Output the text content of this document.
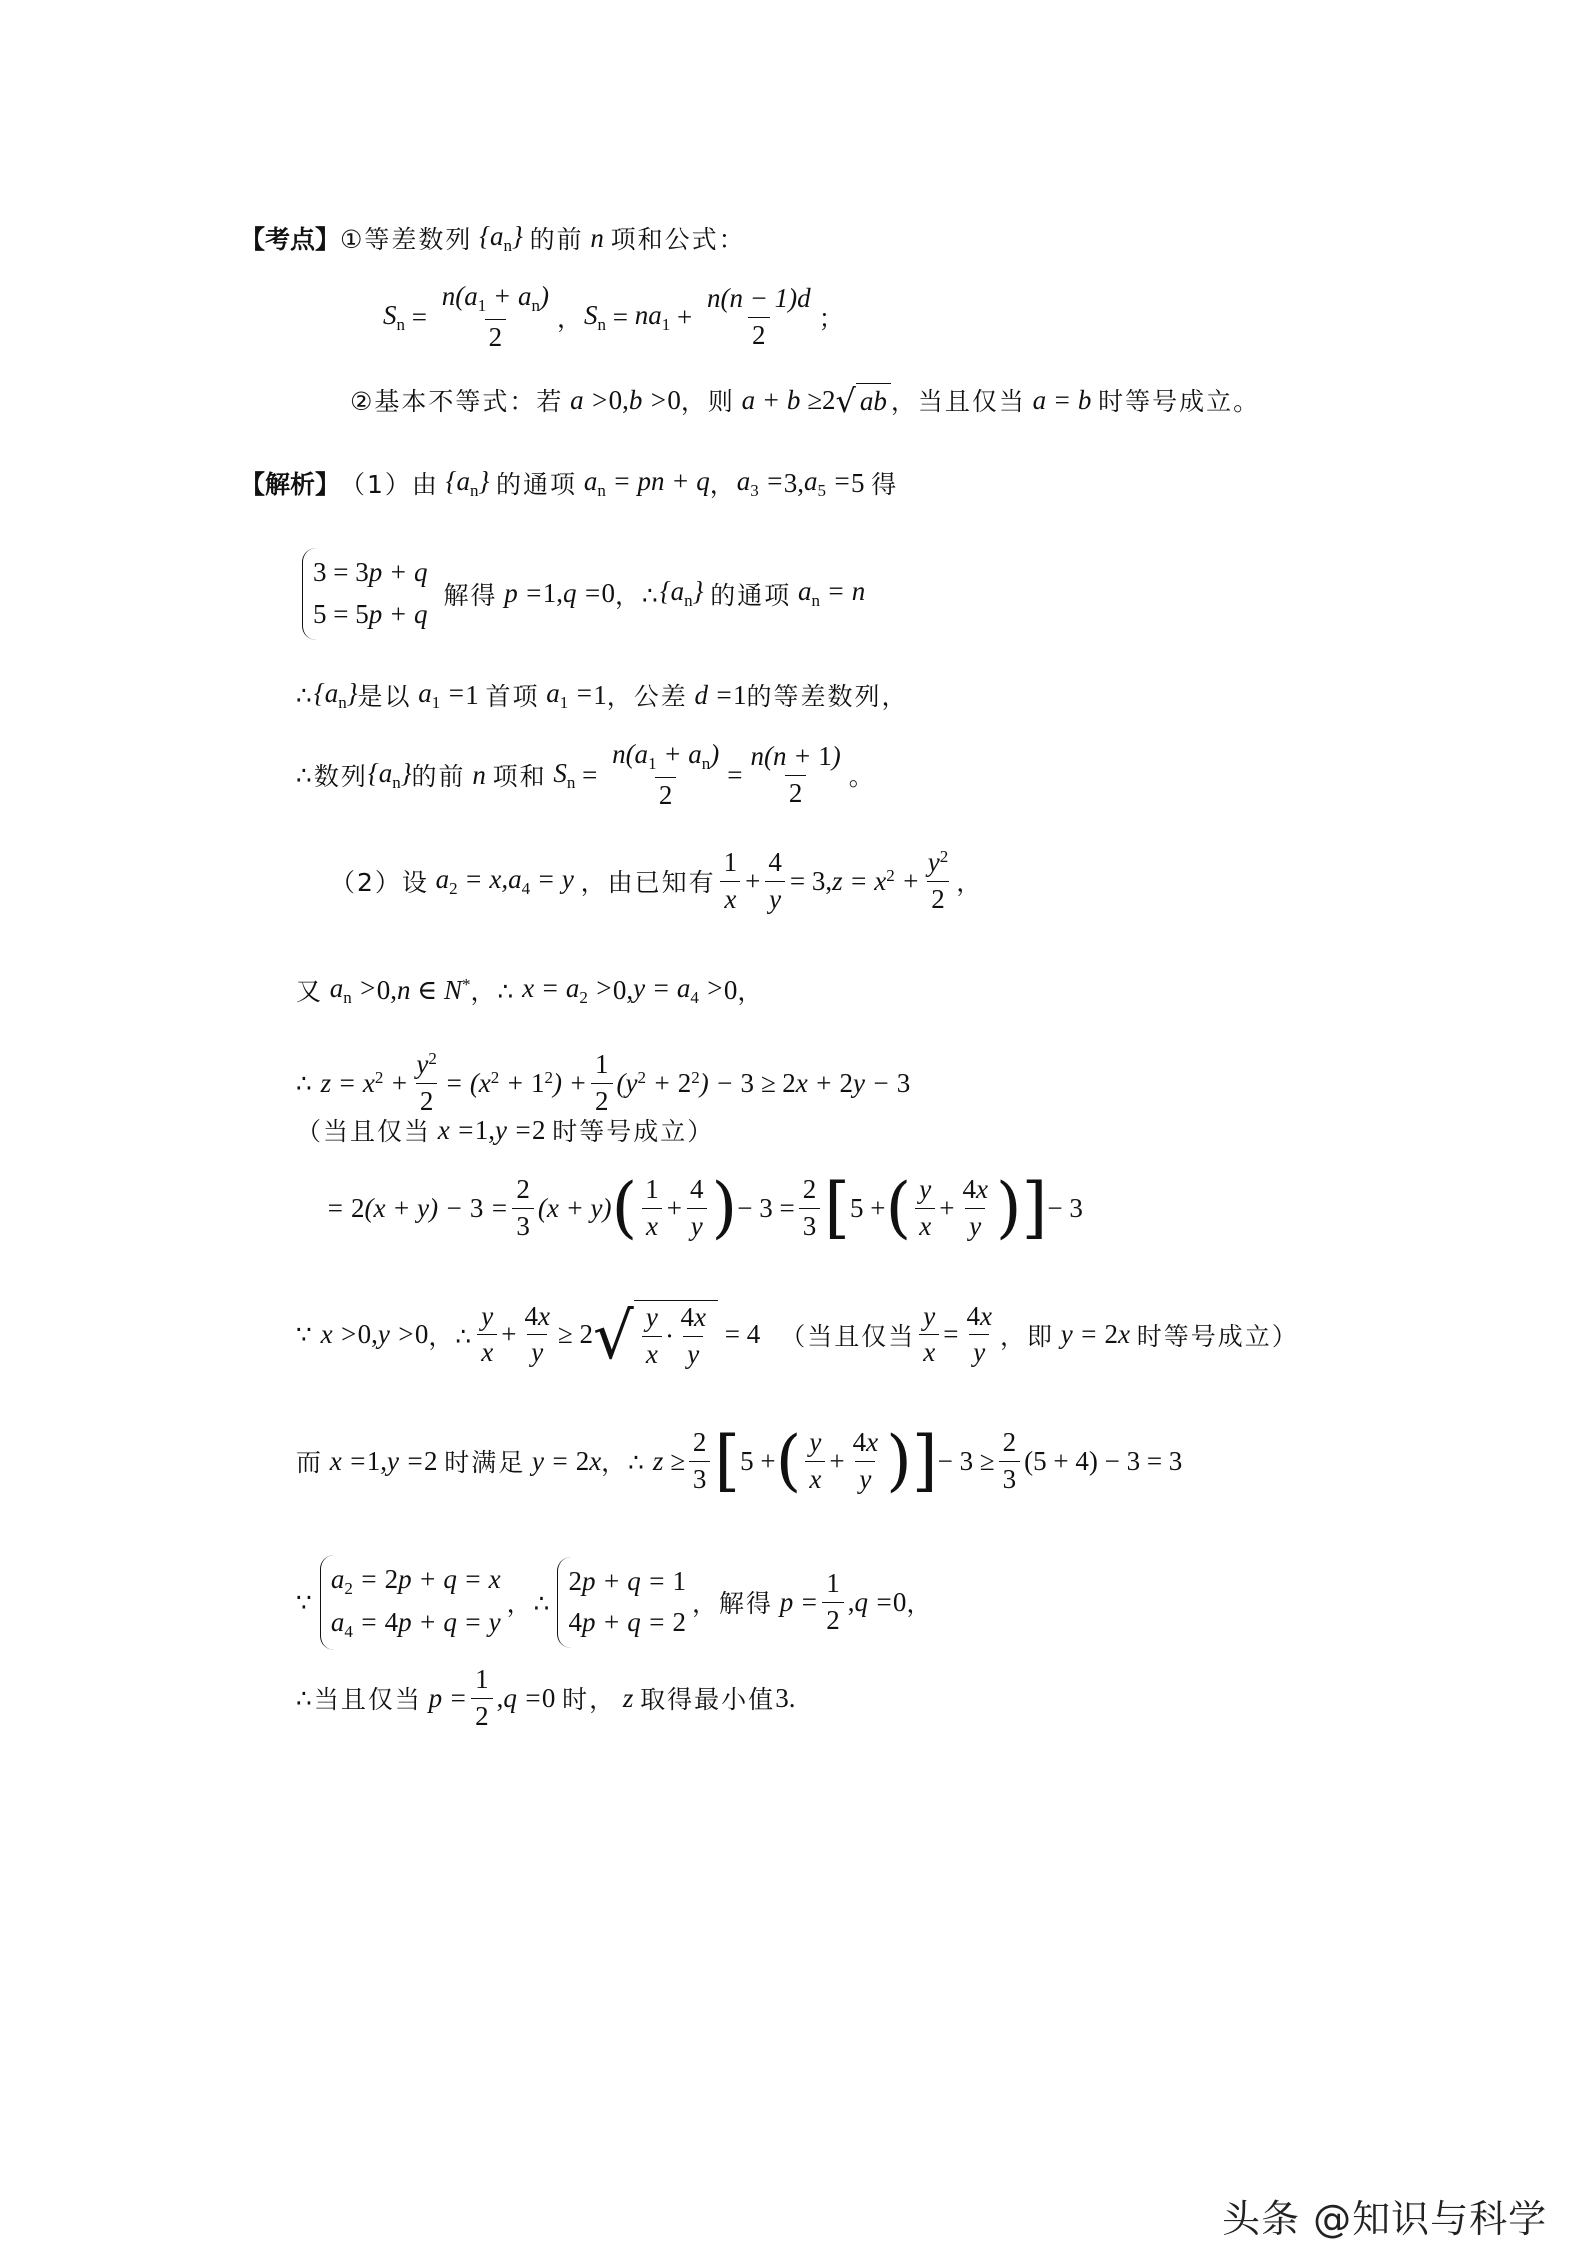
【考点】 ①等差数列 $\{a_n\}$ 的前 n 项和公式：
$S_n = \frac{n(a_1 + a_n)}{2}$ ， $S_n = na_1 + \frac{n(n - 1)d}{2}$ ；
②基本不等式：若 a > 0, b > 0 ，则 a + b ≥ 2 √ ab ，当且仅当 a = b 时等号成立。
【解析】 （1）由 $\{a_n\}$ 的通项 $a_n$ = pn + q ， $a_3 = 3$, $a_5 = 5$ 得
3 = 3p + q
5 = 5p + q
解得 p = 1, q = 0 ，∴ $\{a_n\}$ 的通项 $a_n = n$
∴ $\{a_n\}$ 是以 $a_1 = 1$ 首项 $a_1 = 1$ ，公差 d = 1 的等差数列，
∴ 数列 $\{a_n\}$ 的前 n 项和 $S_n = \frac{n(a_1 + a_n)}{2} = \frac{n(n + 1)}{2}$ 。
（2）设 $a_2 = x,a_4 = y$ ，由已知有 $\frac{1}{x} + \frac{4}{y} = 3$, $z = x^2 + \frac{y^2}{2}$ ，
又 $a_n > 0$, n ∈ N* ，∴ $x = a_2 > 0$, $y = a_4 > 0$ ，
∴ $z = x^2 + \frac{y^2}{2} = (x^2 + 1^2) + \frac{1}{2} (y^2 + 2^2) - 3 \ge 2x + 2y - 3$
（当且仅当 x = 1, y = 2 时等号成立）
= $2(x + y) - 3 = \frac{2}{3} (x + y)$ ( $\frac{1}{x} + \frac{4}{y}$ ) − $3 = \frac{2}{3}$ [ 5 + ( $\frac{y}{x} + \frac{4x}{y}$ ) ] − 3
∵ x > 0, y > 0 ，∴ $\frac{y}{x} + \frac{4x}{y} \ge 2$ √ $\frac{y}{x} \cdot \frac{4x}{y} = 4$ （当且仅当 $\frac{y}{x} = \frac{4x}{y}$ ，即 y = 2x 时等号成立）
而 x = 1, y = 2 时满足 y = 2x ，∴ $z \ge \frac{2}{3}$ [ 5 + ( $\frac{y}{x} + \frac{4x}{y}$ ) ] − $3 \ge \frac{2}{3} (5 + 4) - 3 = 3$
∵
$a_2 = 2p + q = x$
$a_4 = 4p + q = y$
，∴
2p + q = 1
4p + q = 2
，解得 $p = \frac{1}{2}$ , q = 0 ，
∴ 当且仅当 $p = \frac{1}{2}$ , q = 0 时， z 取得最小值 3.
头条 @知识与科学
